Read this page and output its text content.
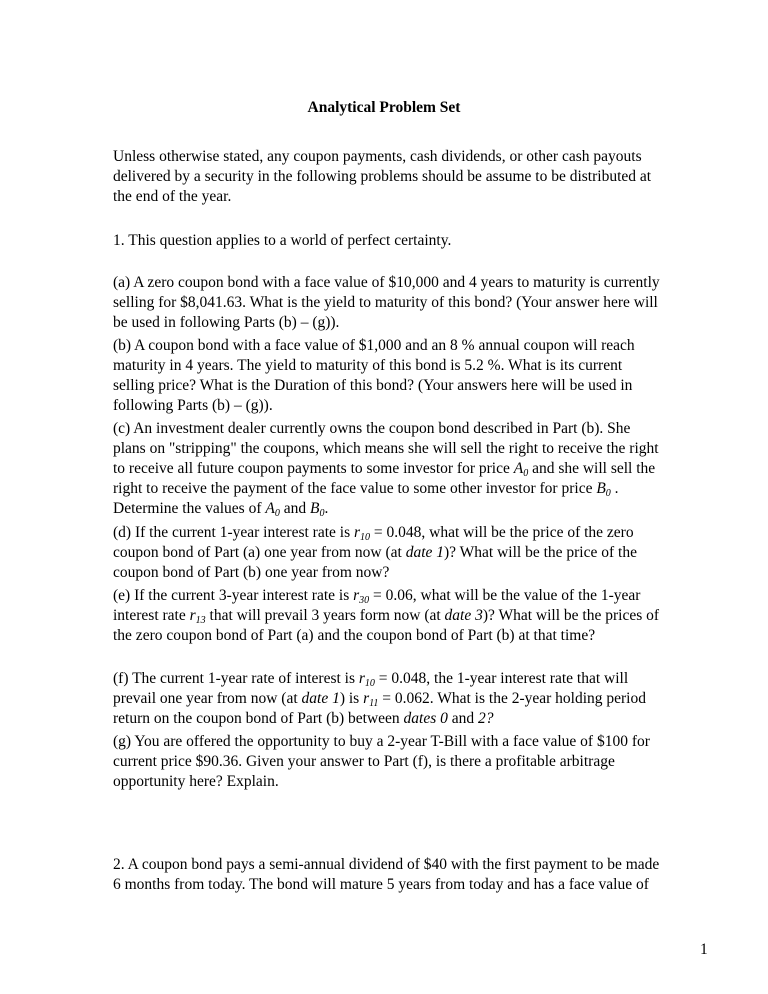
Analytical Problem Set

Unless otherwise stated, any coupon payments, cash dividends, or other cash payouts
delivered by a security in the following problems should be assume to be distributed at
the end of the year.

1. This question applies to a world of perfect certainty.

(a) A zero coupon bond with a face value of $10,000 and 4 years to maturity is currently
selling for $8,041.63. What is the yield to maturity of this bond? (Your answer here will
be used in following Parts (b) – (g)).

(b) A coupon bond with a face value of $1,000 and an 8 % annual coupon will reach
maturity in 4 years. The yield to maturity of this bond is 5.2 %. What is its current
selling price? What is the Duration of this bond? (Your answers here will be used in
following Parts (b) – (g)).

(c) An investment dealer currently owns the coupon bond described in Part (b). She
plans on "stripping" the coupons, which means she will sell the right to receive the right
to receive all future coupon payments to some investor for price $A_0$ and she will sell the
right to receive the payment of the face value to some other investor for price $B_0$ .
Determine the values of $A_0$ and $B_0$.

(d) If the current 1-year interest rate is $r_{10} = 0.048$, what will be the price of the zero
coupon bond of Part (a) one year from now (at date 1)? What will be the price of the
coupon bond of Part (b) one year from now?

(e) If the current 3-year interest rate is $r_{30} = 0.06$, what will be the value of the 1-year
interest rate $r_{13}$ that will prevail 3 years form now (at date 3)? What will be the prices of
the zero coupon bond of Part (a) and the coupon bond of Part (b) at that time?

(f) The current 1-year rate of interest is $r_{10} = 0.048$, the 1-year interest rate that will
prevail one year from now (at date 1) is $r_{11} = 0.062$. What is the 2-year holding period
return on the coupon bond of Part (b) between dates 0 and 2?

(g) You are offered the opportunity to buy a 2-year T-Bill with a face value of $100 for
current price $90.36. Given your answer to Part (f), is there a profitable arbitrage
opportunity here? Explain.

2. A coupon bond pays a semi-annual dividend of $40 with the first payment to be made
6 months from today. The bond will mature 5 years from today and has a face value of

1
